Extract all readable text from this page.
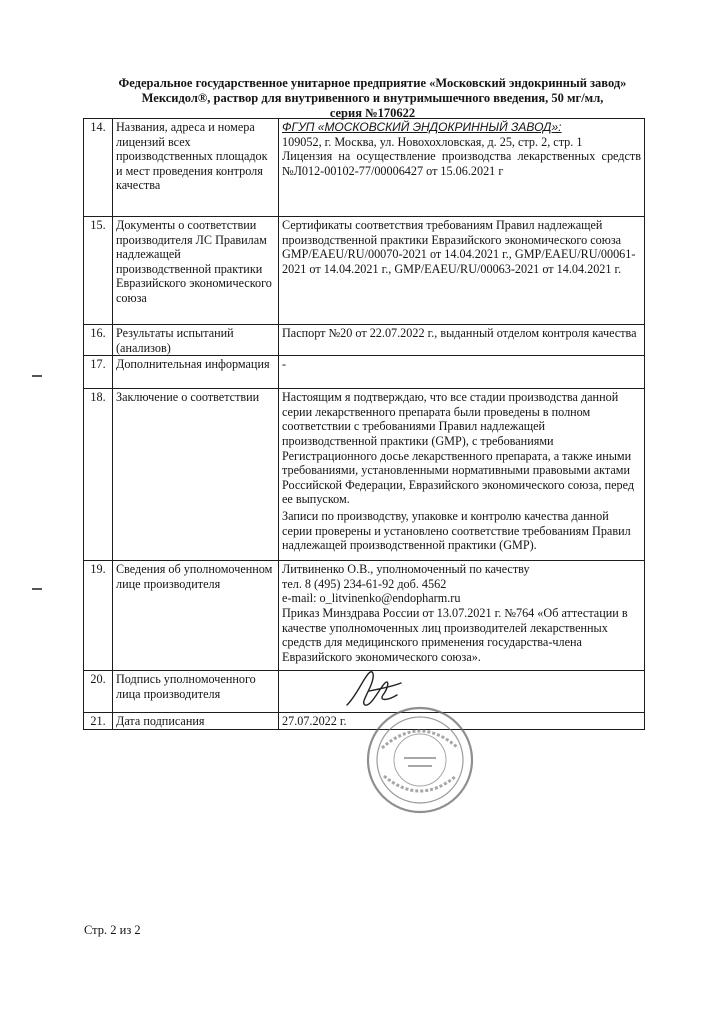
Федеральное государственное унитарное предприятие «Московский эндокринный завод»
Мексидол®, раствор для внутривенного и внутримышечного введения, 50 мг/мл,
серия №170622
14.	Названия, адреса и номера лицензий всех производственных площадок и мест проведения контроля качества	ФГУП «МОСКОВСКИЙ ЭНДОКРИННЫЙ ЗАВОД»:
109052, г. Москва, ул. Новохохловская, д. 25, стр. 2, стр. 1
Лицензия на осуществление производства лекарственных средств №Л012-00102-77/00006427 от 15.06.2021 г

15.	Документы о соответствии производителя ЛС Правилам надлежащей производственной практики Евразийского экономического союза	Сертификаты соответствия требованиям Правил надлежащей производственной практики Евразийского экономического союза GMP/EAEU/RU/00070-2021 от 14.04.2021 г., GMP/EAEU/RU/00061-2021 от 14.04.2021 г., GMP/EAEU/RU/00063-2021 от 14.04.2021 г.
16.	Результаты испытаний (анализов)	Паспорт №20 от 22.07.2022 г., выданный отделом контроля качества
17.	Дополнительная информация	-
18.	Заключение о соответствии	Настоящим я подтверждаю, что все стадии производства данной серии лекарственного препарата были проведены в полном соответствии с требованиями Правил надлежащей производственной практики (GMP), с требованиями Регистрационного досье лекарственного препарата, а также иными требованиями, установленными нормативными правовыми актами Российской Федерации, Евразийского экономического союза, перед ее выпуском.
Записи по производству, упаковке и контролю качества данной серии проверены и установлено соответствие требованиям Правил надлежащей производственной практики (GMP).

19.	Сведения об уполномоченном лице производителя	Литвиненко О.В., уполномоченный по качеству
тел. 8 (495) 234-61-92 доб. 4562
e-mail: o_litvinenko@endopharm.ru
Приказ Минздрава России от 13.07.2021 г. №764 «Об аттестации в качестве уполномоченных лиц производителей лекарственных средств для медицинского применения государства-члена Евразийского экономического союза».

20.	Подпись уполномоченного лица производителя	

21.	Дата подписания	27.07.2022 г.
Стр. 2 из 2
